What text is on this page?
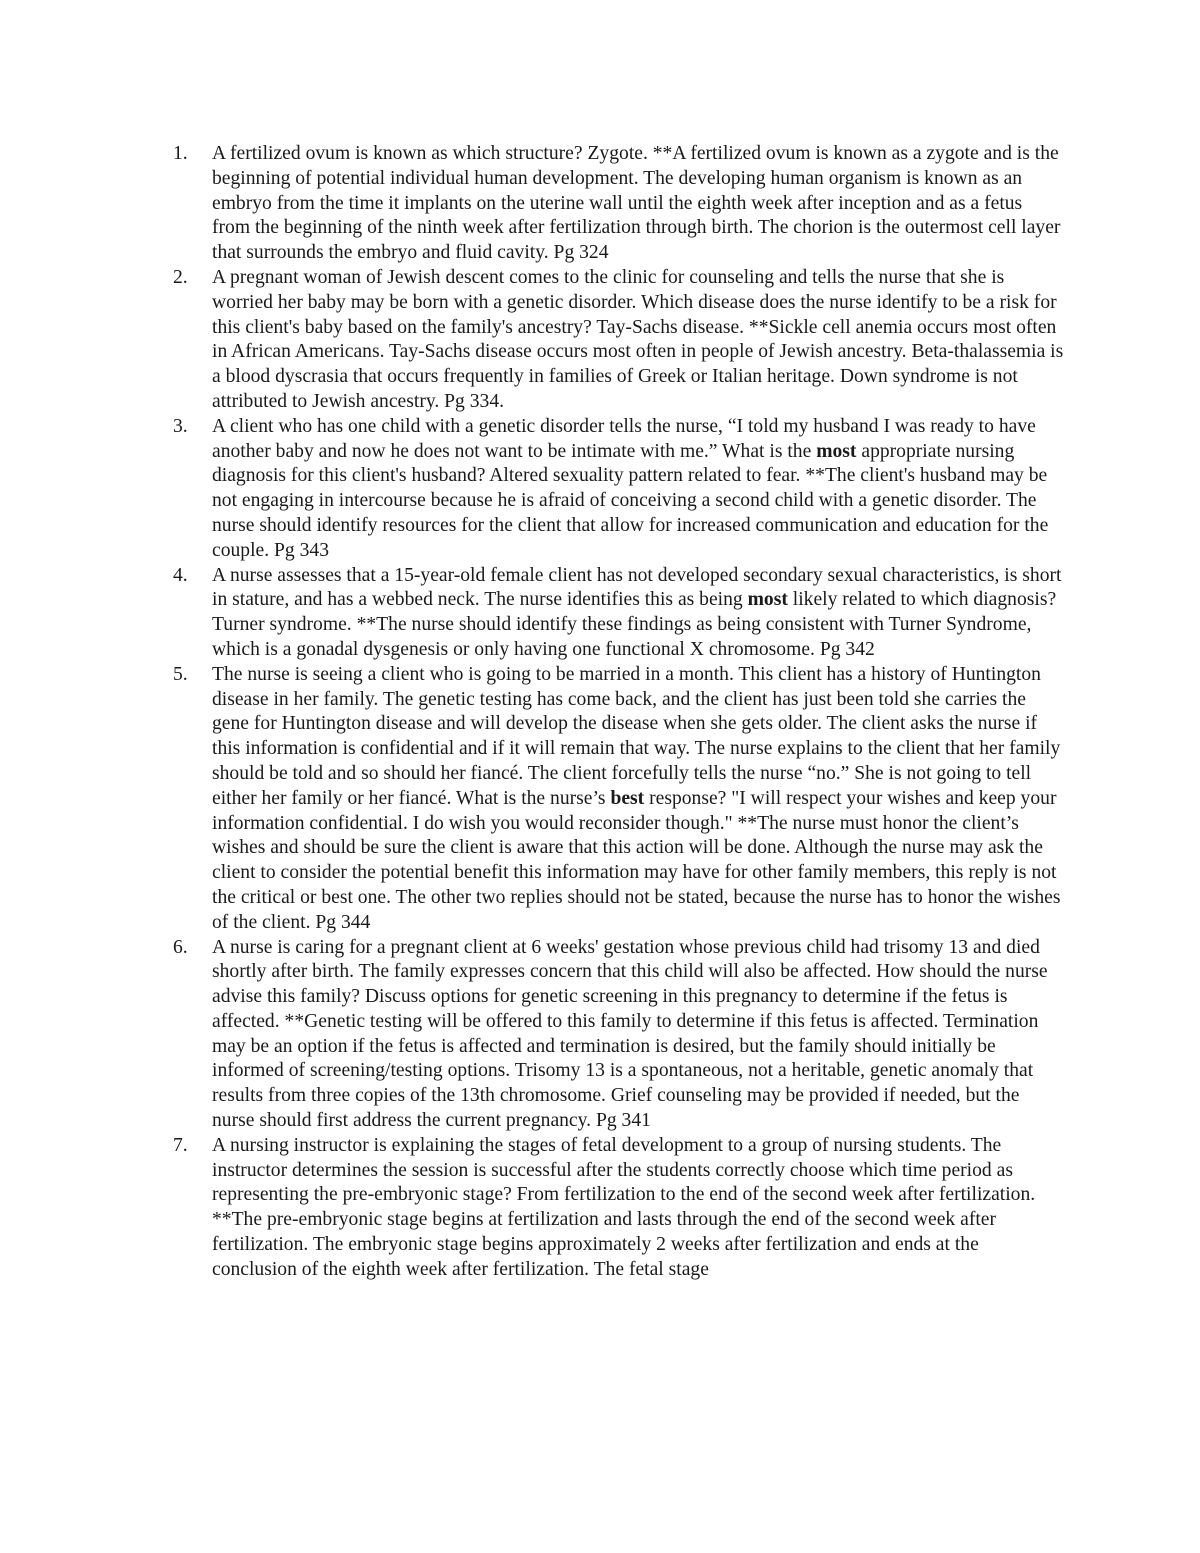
1.	A fertilized ovum is known as which structure? Zygote. **A fertilized ovum is known as a zygote and is the beginning of potential individual human development. The developing human organism is known as an embryo from the time it implants on the uterine wall until the eighth week after inception and as a fetus from the beginning of the ninth week after fertilization through birth. The chorion is the outermost cell layer that surrounds the embryo and fluid cavity. Pg 324
2.	A pregnant woman of Jewish descent comes to the clinic for counseling and tells the nurse that she is worried her baby may be born with a genetic disorder. Which disease does the nurse identify to be a risk for this client's baby based on the family's ancestry? Tay-Sachs disease. **Sickle cell anemia occurs most often in African Americans. Tay-Sachs disease occurs most often in people of Jewish ancestry. Beta-thalassemia is a blood dyscrasia that occurs frequently in families of Greek or Italian heritage. Down syndrome is not attributed to Jewish ancestry. Pg 334.
3.	A client who has one child with a genetic disorder tells the nurse, “I told my husband I was ready to have another baby and now he does not want to be intimate with me.” What is the most appropriate nursing diagnosis for this client's husband? Altered sexuality pattern related to fear. **The client's husband may be not engaging in intercourse because he is afraid of conceiving a second child with a genetic disorder. The nurse should identify resources for the client that allow for increased communication and education for the couple. Pg 343
4.	A nurse assesses that a 15-year-old female client has not developed secondary sexual characteristics, is short in stature, and has a webbed neck. The nurse identifies this as being most likely related to which diagnosis? Turner syndrome. **The nurse should identify these findings as being consistent with Turner Syndrome, which is a gonadal dysgenesis or only having one functional X chromosome. Pg 342
5.	The nurse is seeing a client who is going to be married in a month. This client has a history of Huntington disease in her family. The genetic testing has come back, and the client has just been told she carries the gene for Huntington disease and will develop the disease when she gets older. The client asks the nurse if this information is confidential and if it will remain that way. The nurse explains to the client that her family should be told and so should her fiancé. The client forcefully tells the nurse “no.” She is not going to tell either her family or her fiancé. What is the nurse’s best response? "I will respect your wishes and keep your information confidential. I do wish you would reconsider though." **The nurse must honor the client’s wishes and should be sure the client is aware that this action will be done. Although the nurse may ask the client to consider the potential benefit this information may have for other family members, this reply is not the critical or best one. The other two replies should not be stated, because the nurse has to honor the wishes of the client. Pg 344
6.	A nurse is caring for a pregnant client at 6 weeks' gestation whose previous child had trisomy 13 and died shortly after birth. The family expresses concern that this child will also be affected. How should the nurse advise this family? Discuss options for genetic screening in this pregnancy to determine if the fetus is affected. **Genetic testing will be offered to this family to determine if this fetus is affected. Termination may be an option if the fetus is affected and termination is desired, but the family should initially be informed of screening/testing options. Trisomy 13 is a spontaneous, not a heritable, genetic anomaly that results from three copies of the 13th chromosome. Grief counseling may be provided if needed, but the nurse should first address the current pregnancy. Pg 341
7.	A nursing instructor is explaining the stages of fetal development to a group of nursing students. The instructor determines the session is successful after the students correctly choose which time period as representing the pre-embryonic stage? From fertilization to the end of the second week after fertilization. **The pre-embryonic stage begins at fertilization and lasts through the end of the second week after fertilization. The embryonic stage begins approximately 2 weeks after fertilization and ends at the conclusion of the eighth week after fertilization. The fetal stage
